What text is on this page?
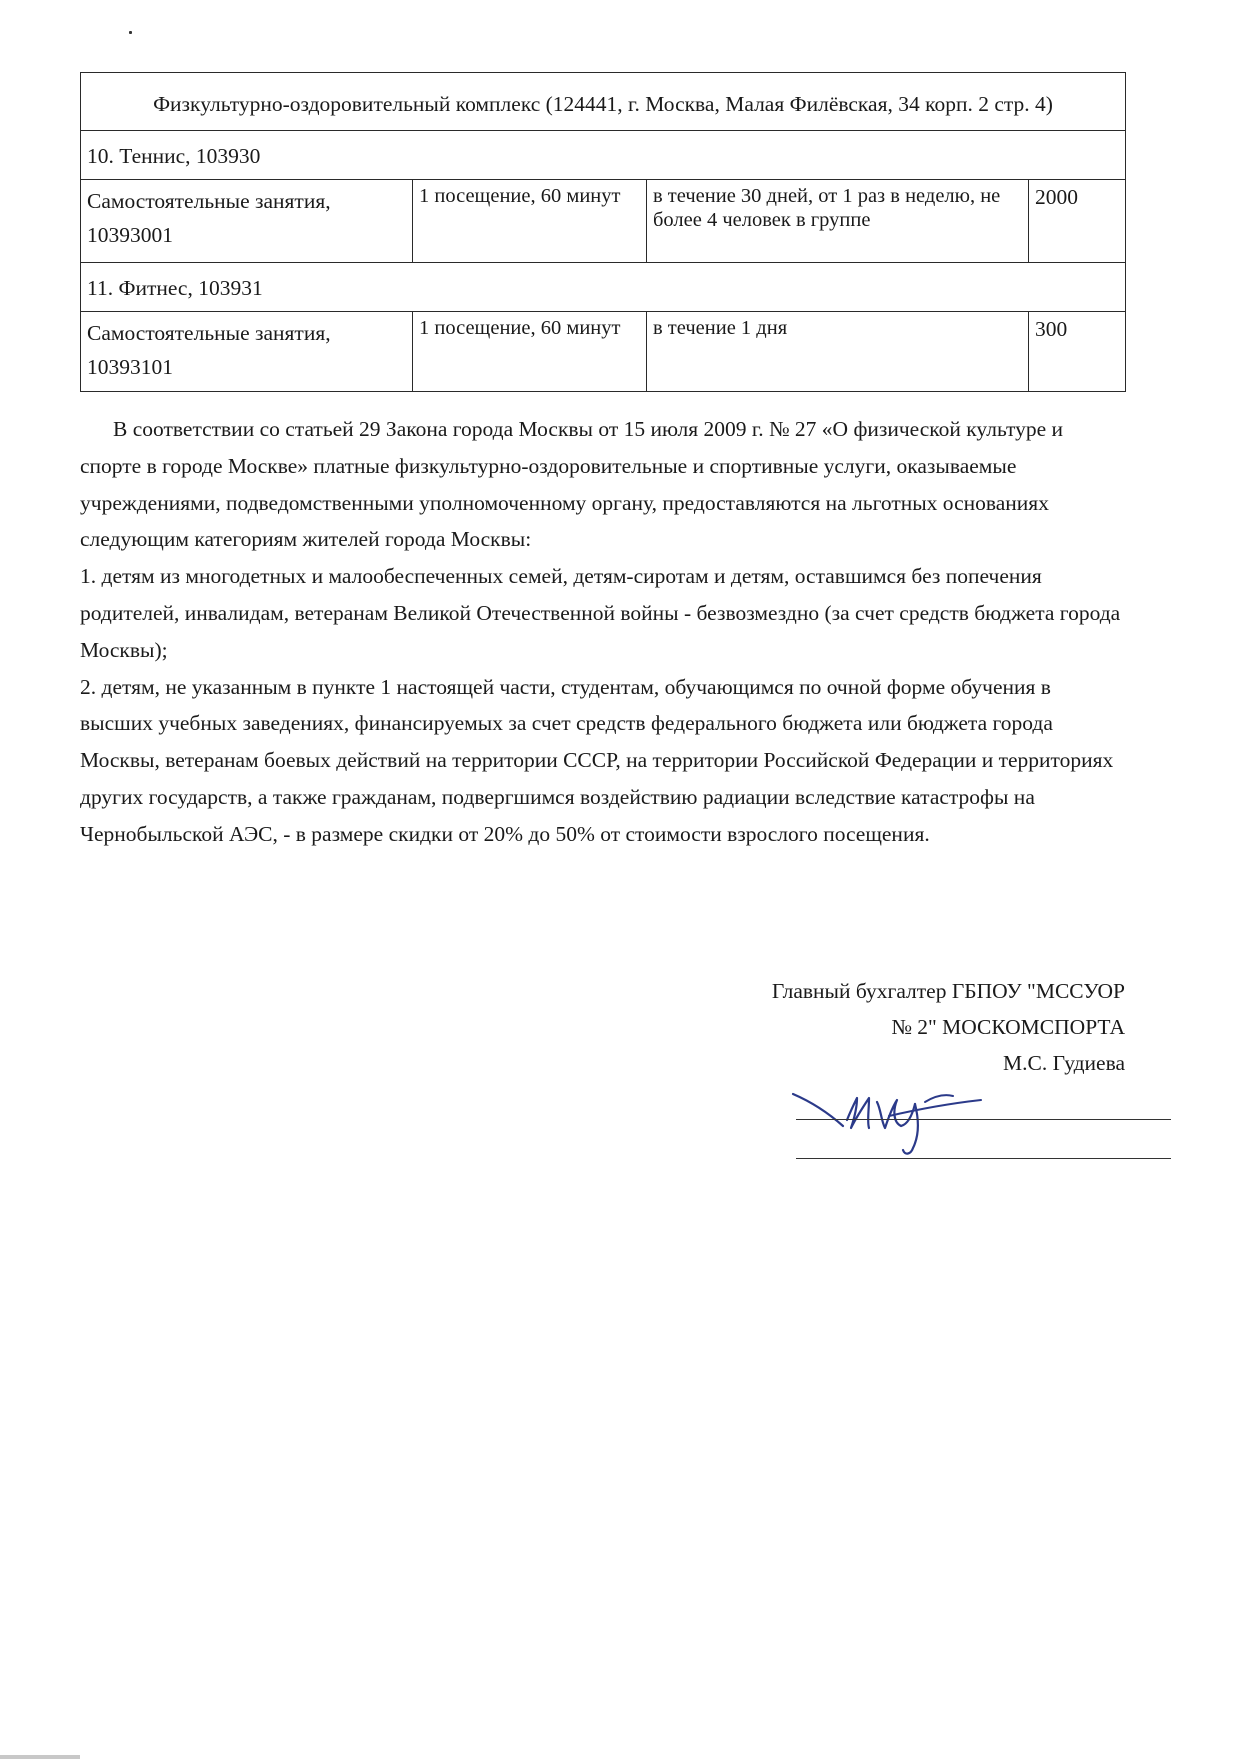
Физкультурно-оздоровительный комплекс (124441, г. Москва, Малая Филёвская, 34 корп. 2 стр. 4)			
10. Теннис, 103930			
Самостоятельные занятия, 10393001	1 посещение, 60 минут	в течение 30 дней, от 1 раз в неделю, не более 4 человек в группе	2000
11. Фитнес, 103931			
Самостоятельные занятия, 10393101	1 посещение, 60 минут	в течение 1 дня	300

В соответствии со статьей 29 Закона города Москвы от 15 июля 2009 г. № 27 «О физической культуре и спорте в городе Москве» платные физкультурно-оздоровительные и спортивные услуги, оказываемые учреждениями, подведомственными уполномоченному органу, предоставляются на льготных основаниях следующим категориям жителей города Москвы:

1. детям из многодетных и малообеспеченных семей, детям-сиротам и детям, оставшимся без попечения родителей, инвалидам, ветеранам Великой Отечественной войны - безвозмездно (за счет средств бюджета города Москвы);

2. детям, не указанным в пункте 1 настоящей части, студентам, обучающимся по очной форме обучения в высших учебных заведениях, финансируемых за счет средств федерального бюджета или бюджета города Москвы, ветеранам боевых действий на территории СССР, на территории Российской Федерации и территориях других государств, а также гражданам, подвергшимся воздействию радиации вследствие катастрофы на Чернобыльской АЭС, - в размере скидки от 20% до 50% от стоимости взрослого посещения.

Главный бухгалтер ГБПОУ "МССУОР
№ 2" МОСКОМСПОРТА
М.С. Гудиева
